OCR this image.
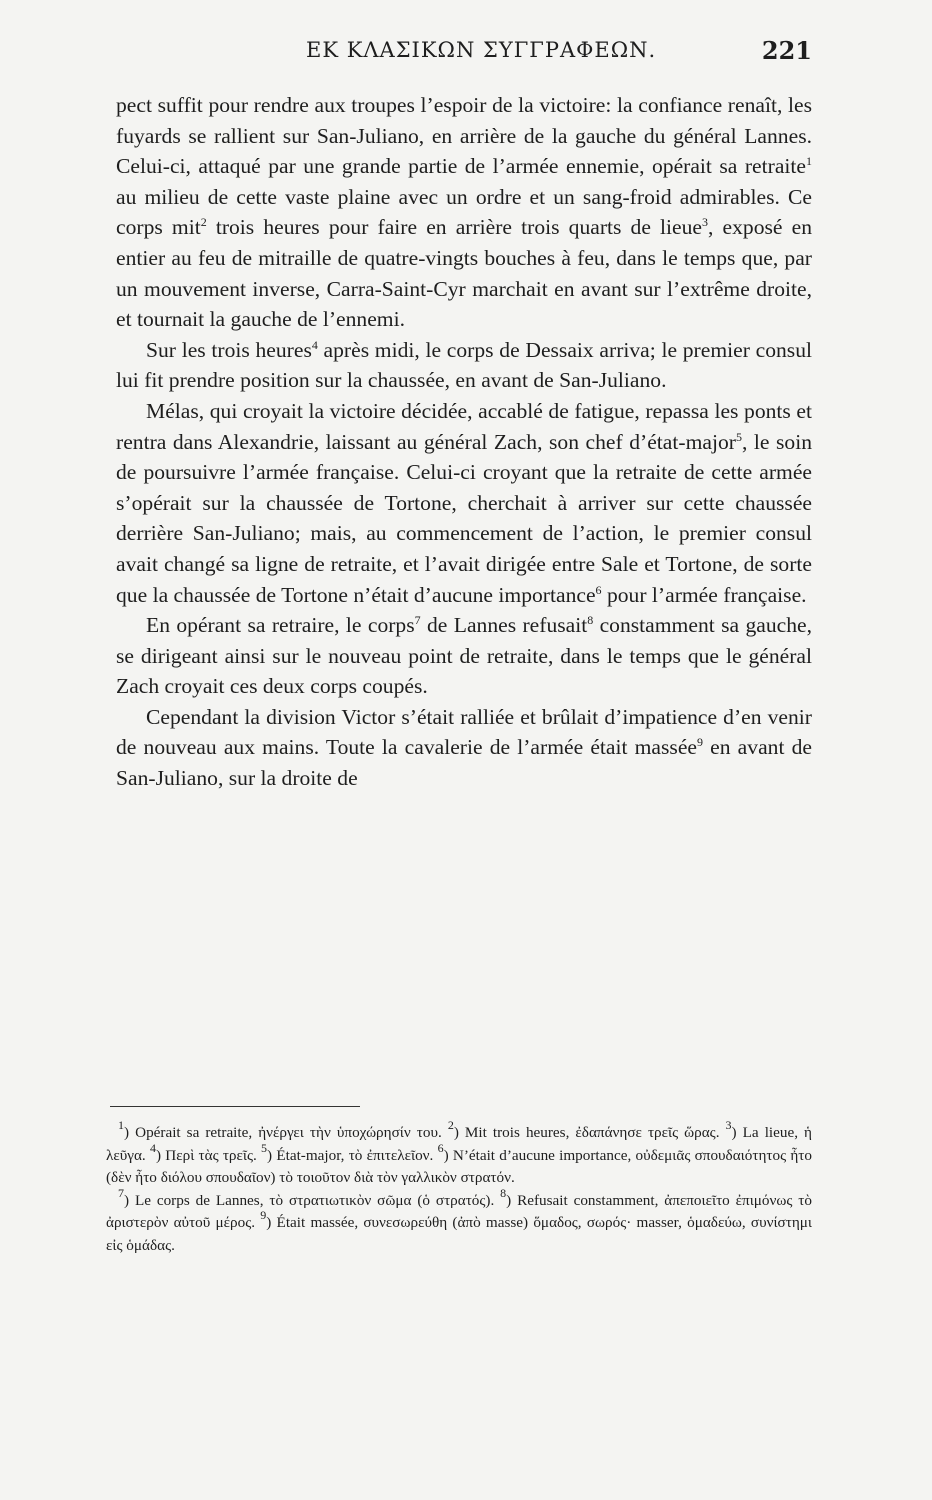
ΕΚ ΚΛΑΣΙΚΩΝ ΣΥΓΓΡΑΦΕΩΝ.	221

pect suffit pour rendre aux troupes l’espoir de la victoire: la confiance renaît, les fuyards se rallient sur San-Juliano, en arrière de la gauche du général Lannes. Celui-ci, attaqué par une grande partie de l’armée ennemie, opérait sa retraite$^1$ au milieu de cette vaste plaine avec un ordre et un sang-froid admirables. Ce corps mit$^2$ trois heures pour faire en arrière trois quarts de lieue$^3$, exposé en entier au feu de mitraille de quatre-vingts bouches à feu, dans le temps que, par un mouvement inverse, Carra-Saint-Cyr marchait en avant sur l’extrême droite, et tournait la gauche de l’ennemi.

Sur les trois heures$^4$ après midi, le corps de Dessaix arriva; le premier consul lui fit prendre position sur la chaussée, en avant de San-Juliano.

Mélas, qui croyait la victoire décidée, accablé de fatigue, repassa les ponts et rentra dans Alexandrie, laissant au général Zach, son chef d’état-major$^5$, le soin de poursuivre l’armée française. Celui-ci croyant que la retraite de cette armée s’opérait sur la chaussée de Tortone, cherchait à arriver sur cette chaussée derrière San-Juliano; mais, au commencement de l’action, le premier consul avait changé sa ligne de retraite, et l’avait dirigée entre Sale et Tortone, de sorte que la chaussée de Tortone n’était d’aucune importance$^6$ pour l’armée française.

En opérant sa retraire, le corps$^7$ de Lannes refusait$^8$ constamment sa gauche, se dirigeant ainsi sur le nouveau point de retraite, dans le temps que le général Zach croyait ces deux corps coupés.

Cependant la division Victor s’était ralliée et brûlait d’impatience d’en venir de nouveau aux mains. Toute la cavalerie de l’armée était massée$^9$ en avant de San-Juliano, sur la droite de

$^1$) Opérait sa retraite, ἠνέργει τὴν ὑποχώρησίν του. $^2$) Mit trois heures, ἐδαπάνησε τρεῖς ὥρας. $^3$) La lieue, ἡ λεῦγα. $^4$) Περὶ τὰς τρεῖς. $^5$) État-major, τὸ ἐπιτελεῖον. $^6$) N’était d’aucune importance, οὐδεμιᾶς σπουδαιότητος ἦτο (δὲν ἦτο διόλου σπουδαῖον) τὸ τοιοῦτον διὰ τὸν γαλλικὸν στρατόν.

$^7$) Le corps de Lannes, τὸ στρατιωτικὸν σῶμα (ὁ στρατός). $^8$) Refusait constamment, ἀπεποιεῖτο ἐπιμόνως τὸ ἀριστερὸν αὐτοῦ μέρος. $^9$) Était massée, συνεσωρεύθη (ἀπὸ masse) ὅμαδος, σωρός· masser, ὁμαδεύω, συνίστημι εἰς ὁμάδας.
